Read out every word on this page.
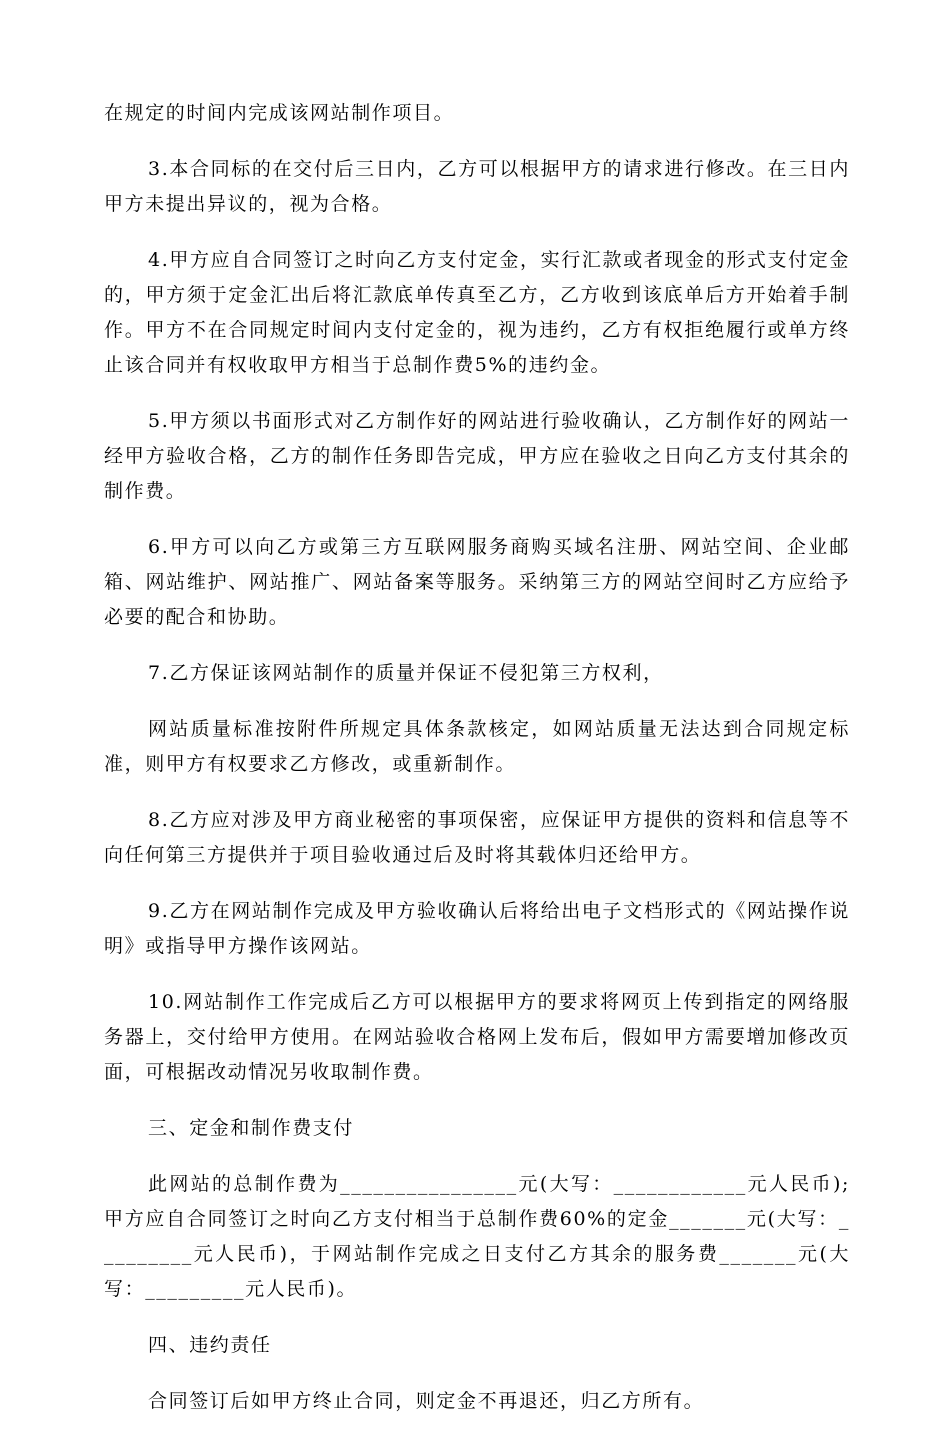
在规定的时间内完成该网站制作项目。

3.本合同标的在交付后三日内，乙方可以根据甲方的请求进行修改。在三日内甲方未提出异议的，视为合格。

4.甲方应自合同签订之时向乙方支付定金，实行汇款或者现金的形式支付定金的，甲方须于定金汇出后将汇款底单传真至乙方，乙方收到该底单后方开始着手制作。甲方不在合同规定时间内支付定金的，视为违约，乙方有权拒绝履行或单方终止该合同并有权收取甲方相当于总制作费5%的违约金。

5.甲方须以书面形式对乙方制作好的网站进行验收确认，乙方制作好的网站一经甲方验收合格，乙方的制作任务即告完成，甲方应在验收之日向乙方支付其余的制作费。

6.甲方可以向乙方或第三方互联网服务商购买域名注册、网站空间、企业邮箱、网站维护、网站推广、网站备案等服务。采纳第三方的网站空间时乙方应给予必要的配合和协助。

7.乙方保证该网站制作的质量并保证不侵犯第三方权利，

网站质量标准按附件所规定具体条款核定，如网站质量无法达到合同规定标准，则甲方有权要求乙方修改，或重新制作。

8.乙方应对涉及甲方商业秘密的事项保密，应保证甲方提供的资料和信息等不向任何第三方提供并于项目验收通过后及时将其载体归还给甲方。

9.乙方在网站制作完成及甲方验收确认后将给出电子文档形式的《网站操作说明》或指导甲方操作该网站。

10.网站制作工作完成后乙方可以根据甲方的要求将网页上传到指定的网络服务器上，交付给甲方使用。在网站验收合格网上发布后，假如甲方需要增加修改页面，可根据改动情况另收取制作费。

三、定金和制作费支付

此网站的总制作费为________________元(大写：____________元人民币);甲方应自合同签订之时向乙方支付相当于总制作费60%的定金_______元(大写：_________元人民币)，于网站制作完成之日支付乙方其余的服务费_______元(大写：_________元人民币)。

四、违约责任

合同签订后如甲方终止合同，则定金不再退还，归乙方所有。
